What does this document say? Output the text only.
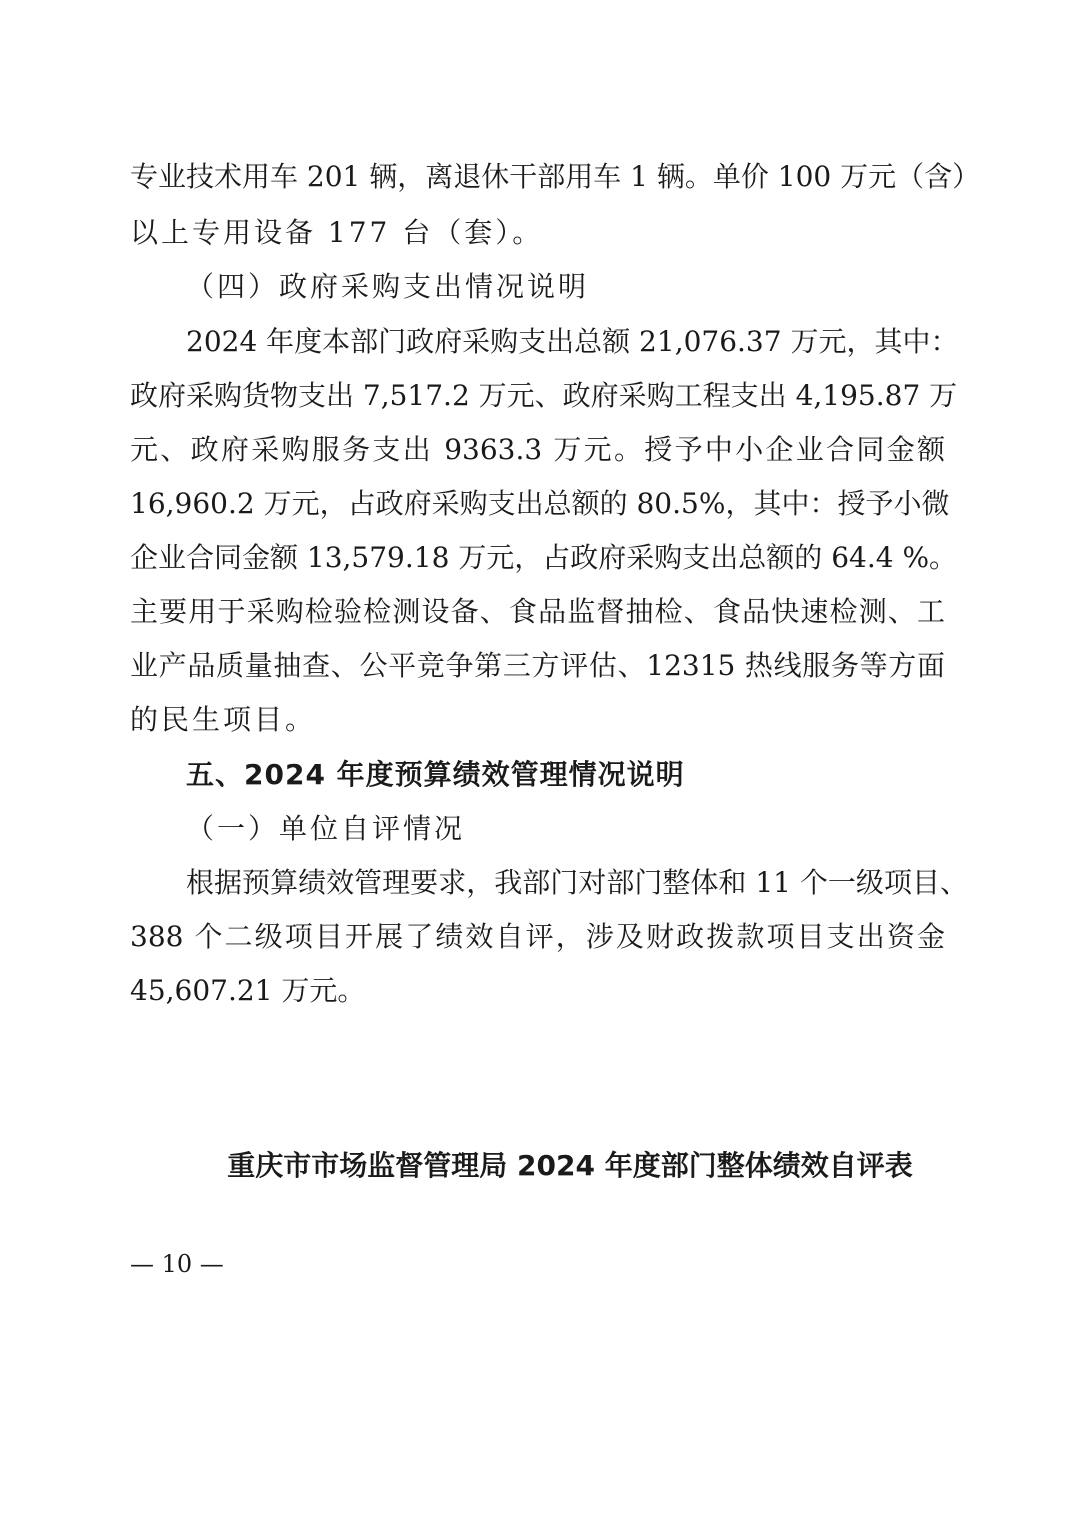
专业技术用车 201 辆，离退休干部用车 1 辆。单价 100 万元（含）
以上专用设备 177 台（套）。
（四）政府采购支出情况说明
2024 年度本部门政府采购支出总额 21,076.37 万元，其中：
政府采购货物支出 7,517.2 万元、政府采购工程支出 4,195.87 万
元、政府采购服务支出 9363.3 万元。授予中小企业合同金额
16,960.2 万元，占政府采购支出总额的 80.5%，其中：授予小微
企业合同金额 13,579.18 万元，占政府采购支出总额的 64.4 %。
主要用于采购检验检测设备、食品监督抽检、食品快速检测、工
业产品质量抽查、公平竞争第三方评估、12315 热线服务等方面
的民生项目。
五、2024 年度预算绩效管理情况说明
（一）单位自评情况
根据预算绩效管理要求，我部门对部门整体和 11 个一级项目、
388 个二级项目开展了绩效自评，涉及财政拨款项目支出资金
45,607.21 万元。
重庆市市场监督管理局 2024 年度部门整体绩效自评表
— 10 —
